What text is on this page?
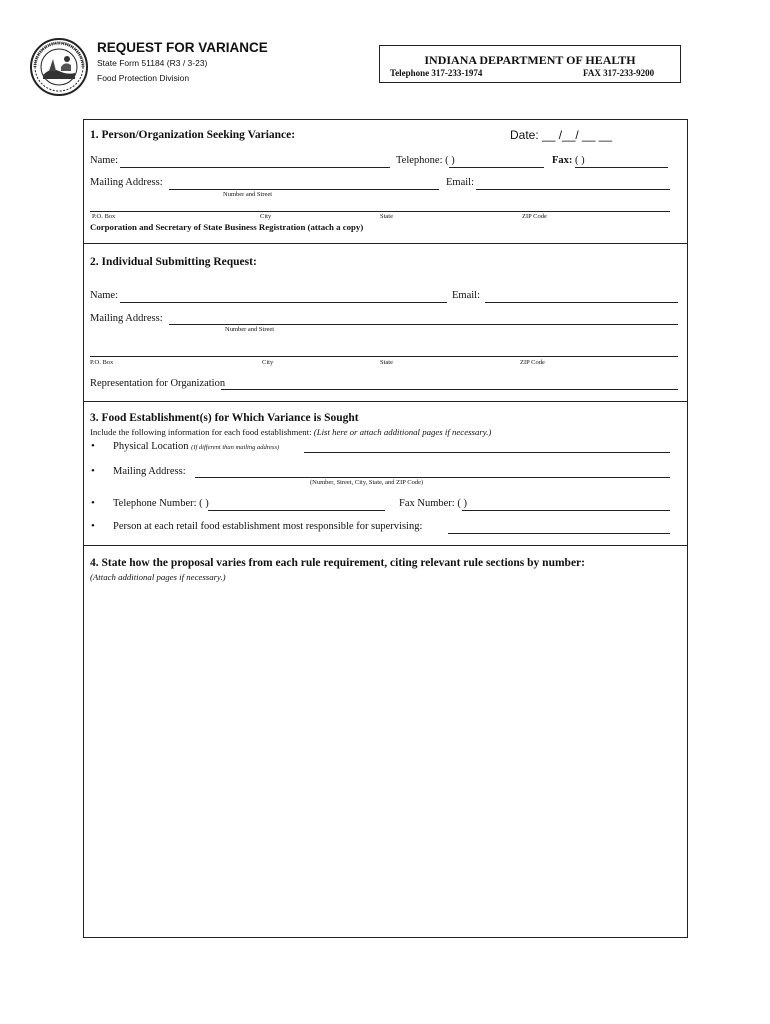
REQUEST FOR VARIANCE
State Form 51184 (R3 / 3-23)
Food Protection Division
INDIANA DEPARTMENT OF HEALTH
Telephone 317-233-1974	FAX 317-233-9200
1. Person/Organization Seeking Variance:	Date: __ /__/ __ __
Name:	Telephone: ( )	Fax: ( )
Mailing Address:
Number and Street
Email:
P.O. Box	City	State	ZIP Code
Corporation and Secretary of State Business Registration (attach a copy)
2. Individual Submitting Request:
Name:	Email:
Mailing Address:
Number and Street
P.O. Box	City	State	ZIP Code
Representation for Organization
3. Food Establishment(s) for Which Variance is Sought
Include the following information for each food establishment: (List here or attach additional pages if necessary.)
• Physical Location (If different than mailing address)
• Mailing Address:
(Number, Street, City, State, and ZIP Code)
• Telephone Number: ( )	Fax Number: ( )
• Person at each retail food establishment most responsible for supervising:
4. State how the proposal varies from each rule requirement, citing relevant rule sections by number:
(Attach additional pages if necessary.)
